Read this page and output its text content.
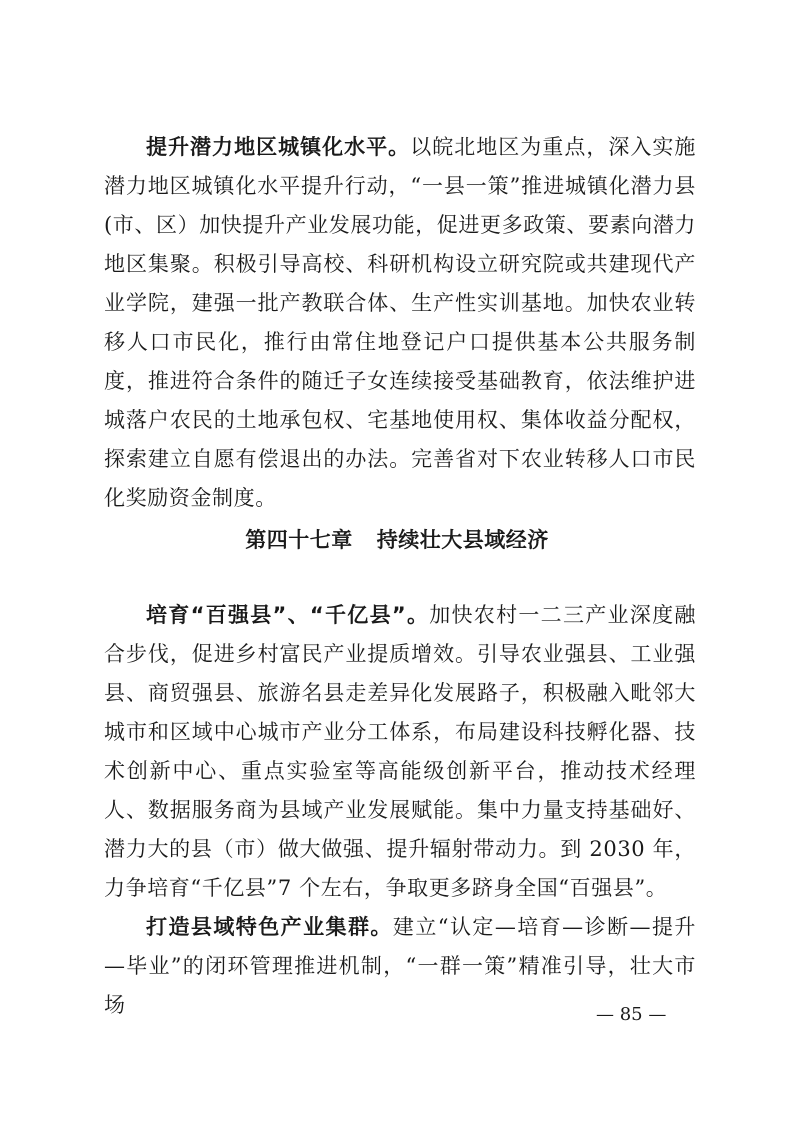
提升潜力地区城镇化水平。以皖北地区为重点，深入实施潜力地区城镇化水平提升行动，“一县一策”推进城镇化潜力县(市、区）加快提升产业发展功能，促进更多政策、要素向潜力地区集聚。积极引导高校、科研机构设立研究院或共建现代产业学院，建强一批产教联合体、生产性实训基地。加快农业转移人口市民化，推行由常住地登记户口提供基本公共服务制度，推进符合条件的随迁子女连续接受基础教育，依法维护进城落户农民的土地承包权、宅基地使用权、集体收益分配权，探索建立自愿有偿退出的办法。完善省对下农业转移人口市民化奖励资金制度。

第四十七章 持续壮大县域经济

培育“百强县”、“千亿县”。加快农村一二三产业深度融合步伐，促进乡村富民产业提质增效。引导农业强县、工业强县、商贸强县、旅游名县走差异化发展路子，积极融入毗邻大城市和区域中心城市产业分工体系，布局建设科技孵化器、技术创新中心、重点实验室等高能级创新平台，推动技术经理人、数据服务商为县域产业发展赋能。集中力量支持基础好、潜力大的县（市）做大做强、提升辐射带动力。到 2030 年，力争培育“千亿县”7 个左右，争取更多跻身全国“百强县”。

打造县域特色产业集群。建立“认定—培育—诊断—提升—毕业”的闭环管理推进机制，“一群一策”精准引导，壮大市场	— 85 —
